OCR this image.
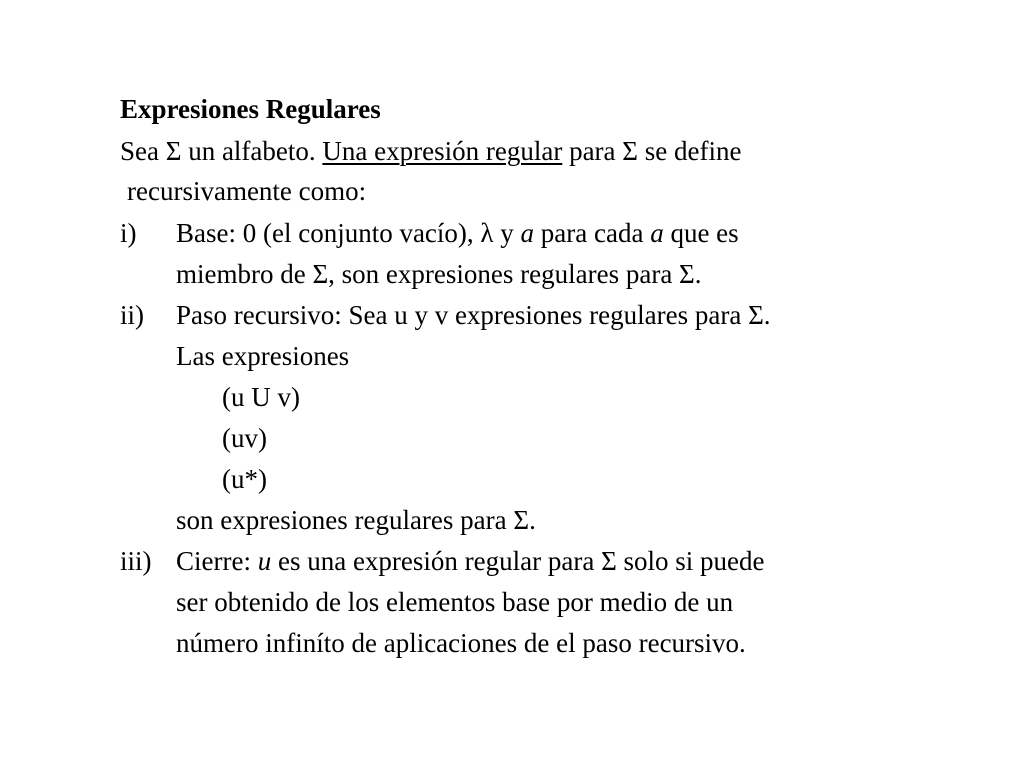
Expresiones Regulares
Sea Σ un alfabeto. Una expresión regular para Σ se define
recursivamente como:
i) Base: 0 (el conjunto vacío), λ y a para cada a que es
miembro de Σ, son expresiones regulares para Σ.
ii) Paso recursivo: Sea u y v expresiones regulares para Σ.
Las expresiones
(u U v)
(uv)
(u*)
son expresiones regulares para Σ.
iii) Cierre: u es una expresión regular para Σ solo si puede
ser obtenido de los elementos base por medio de un
número infiníto de aplicaciones de el paso recursivo.
